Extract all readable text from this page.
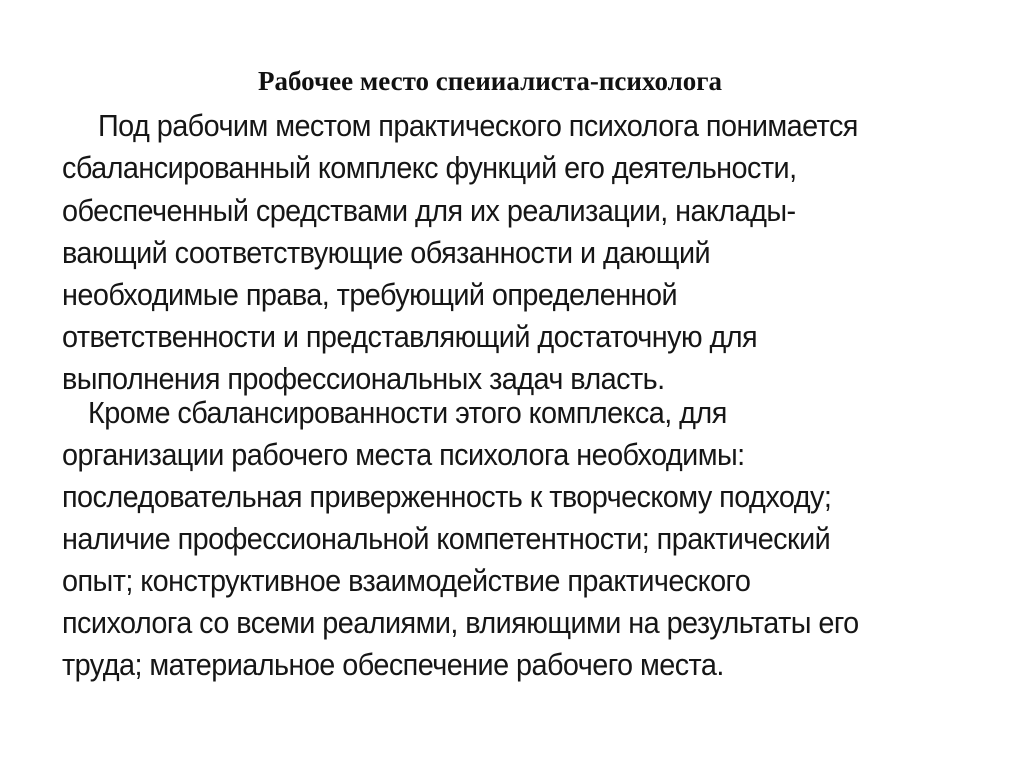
Рабочее место спеииалиста-психолога
Под рабочим местом практического психолога понимается
сбалансированный комплекс функций его деятельности,
обеспеченный средствами для их реализации, наклады-
вающий соответствующие обязанности и дающий
необходимые права, требующий определенной
ответственности и представляющий достаточную для
выполнения профессиональных задач власть.
Кроме сбалансированности этого комплекса, для
организации рабочего места психолога необходимы:
последовательная приверженность к творческому подходу;
наличие профессиональной компетентности; практический
опыт; конструктивное взаимодействие практического
психолога со всеми реалиями, влияющими на результаты его
труда; материальное обеспечение рабочего места.
